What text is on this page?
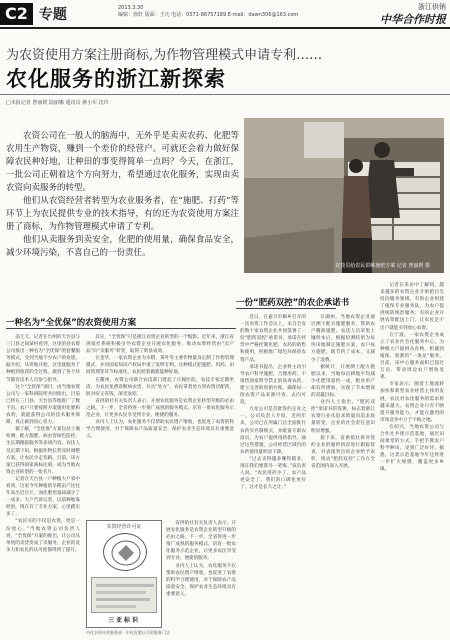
C2 专题	2013.3.30
编辑：徐轩 版面：王凡 电话：0571-86757189 E-mail：dawn306@163.com
浙江供销
中华合作时报
为农资使用方案注册商标,为作物管理模式申请专利……
农化服务的浙江新探索
□本报记者 曾丽媛 陆丽娜 通讯员 蒋小军 沈玲

农资公司在一般人的脑海中，无外乎是卖卖农药、化肥等农用生产物资，赚到一个差价的经营户。可就还会着力做好保障农民种好地，让种田的事变得简单一点吗？今天，在浙江，一批公司正朝着这个方向努力，希望通过农化服务，实现由卖农资向卖服务的转型。

他们从农资经营者转型为农业服务者，在“施肥、打药”等环节上为农民提供专业的技术指导，有的还为农资使用方案注册了商标，为作物管理模式申请了专利。

他们从卖服务到卖安全，化肥的使用量，确保食品安全，减少环境污染，不喜自己的一份责任。

农技员给农民讲解施肥方案 记者 曾丽媛 摄
一种名为“全优保”的农资使用方案
一份“肥药双控”的农企承诺书

前几天，记者在台州的天台县与三门县之间某村看到，这里的县农资公司推出一种名为“全优保”的套餐服务模式，受到当地不少农户的欢迎。据介绍，从用地开始，这里就服务于种植到收获的全过程，做到了各个环节都有技术人员参与指导。

这个“全优保”项目，由当地农资公司与一家科研院所共同推出，目前已经在三门县、天台县等地推广了数千亩。农户只要按照方案施用化肥和农药，就能获得公司的技术服务保障，真正做到省心省力。

据了解，“全优保”方案包括土壤检测、配方施肥、病虫害绿色防控、生长期跟踪服务等多项内容。农技人员定期下田，根据作物长势及时调整方案，让农民少走弯路。目前，该方案已获得国家商标注册，成为当地农资企业转型的一张名片。

记者在天台县一户种粮大户家中看到，这家今年种植的早稻亩产比往年高出近百斤，而化肥用量却减少了一成多。大户告诉记者，以前种地靠经验，现在有了专业方案，心里踏实多了。

“农民买的不仅是农资，更是一份放心。”当地农资公司负责人说，“全优保”方案的推出，让公司从单纯的卖货变成了卖服务，企业的竞争力和农民的认可度都得到了提升。

其实，“全优保”只是浙江农资企业转型的一个缩影。近年来，浙江省供销社系统积极引导农资企业开展农化服务，推动农资经营由“卖产品”向“卖服务”转变，取得了明显成效。

在金华，一家农资企业为水稻、茶叶等主要作物量身定制了作物管理模式，并向国家知识产权局申请了发明专利。这种模式把施肥、用药、田间管理等环节标准化，农民照着做就能种好地。

在衢州，农资公司联合农技部门建起了庄稼医院，农技专家定期坐诊，为农民免费诊断病虫害、开具“处方”。农民拿着处方到农资店配药，既对症又省钱，深受欢迎。

省供销社有关负责人表示，开展农化服务是农资企业转型升级的必由之路。下一步，全省将进一步推广成熟的服务模式，培育一批农化服务示范企业，让更多农民享受到专业、便捷的服务。

业内人士认为，农化服务不仅帮助农民增产增收，也促进了农资的科学合理使用，对于保障农产品质量安全、保护农业生态环境具有重要意义。

省供销社有关负责人表示，开展农化服务是农资企业转型升级的必由之路。下一步，全省将进一步推广成熟的服务模式，培育一批农化服务示范企业，让更多农民享受到专业、便捷的服务。

业内人士认为，农化服务不仅帮助农民增产增收，也促进了农资的科学合理使用，对于保障农产品质量安全、保护农业生态环境具有重要意义。

近日，在嘉兴市桐乡召开的一次农资工作会议上，来自全省的数十家农资企业共同签署了一份“肥药双控”承诺书，承诺在经营中严格控制化肥、农药的销售和使用，积极推广绿色环保的农资产品。

承诺书提出，企业将主动引导农户科学施肥、合理用药，不销售国家明令禁止的高毒农药，建立完善的进销台账，确保每一批农资产品来源可查、去向可追。

九星公司是首批签约企业之一。公司负责人介绍，近两年来，公司已在所属门店全面推行农药实名制购买，并配备专职农技员，为农户提供用药指导。通过这些措施，公司经营区域内的农药使用量明显下降。

“过去卖得越多赚得越多，现在我们要算另一笔账。”该负责人说，“农民用药少了，农产品更安全了，我们的口碑也更好了，这才是长久之计。”

在湖州，当地农资企业通过测土配方施肥服务，帮助农户精准施肥。农技人员采集土壤样本后，根据检测结果为每块田地制定施肥方案，农户按方施肥，既节约了成本，又减少了浪费。

据统计，开展测土配方施肥以来，当地每亩耕地平均减少化肥用量约一成，粮食单产却有所增加，实现了节本增效的双赢目标。

业内人士指出，“肥药双控”承诺书的签署，标志着浙江农资行业从追求销量向追求质量转变，企业的社会责任意识明显增强。

接下来，省供销社将对签约企业的履约情况进行跟踪督查，对表现突出的企业给予表彰，推动“肥药双控”工作在全省范围内深入开展。

记者在采访中了解到，越来越多的农资企业开始把目光投向服务领域。有的企业组建了植保专业服务队，为农户提供统防统治服务；有的企业开展农资配送上门，让农民足不出户就能买到放心农资。

在宁波，一家农资企业成立了农业社会化服务中心，为种粮大户提供从育秧、机插到植保、收割的“一条龙”服务。目前，该中心服务面积已超过万亩，带动周边农户增收显著。

专家表示，随着土地流转加快和新型农业经营主体的发展，农民对农化服务的需求将越来越大。农资企业只有不断提升服务能力，才能在激烈的市场竞争中立于不败之地。

在绍兴，当地农资公司与合作社共建示范基地，通过田间课堂的方式，手把手教农户科学种田，受到广泛好评。据悉，这类示范基地今年还将进一步扩大规模，覆盖更多乡镇。

农资经营许可证
三亚标识
中化农资经营服务部 · 中化化肥认可的服务门店
